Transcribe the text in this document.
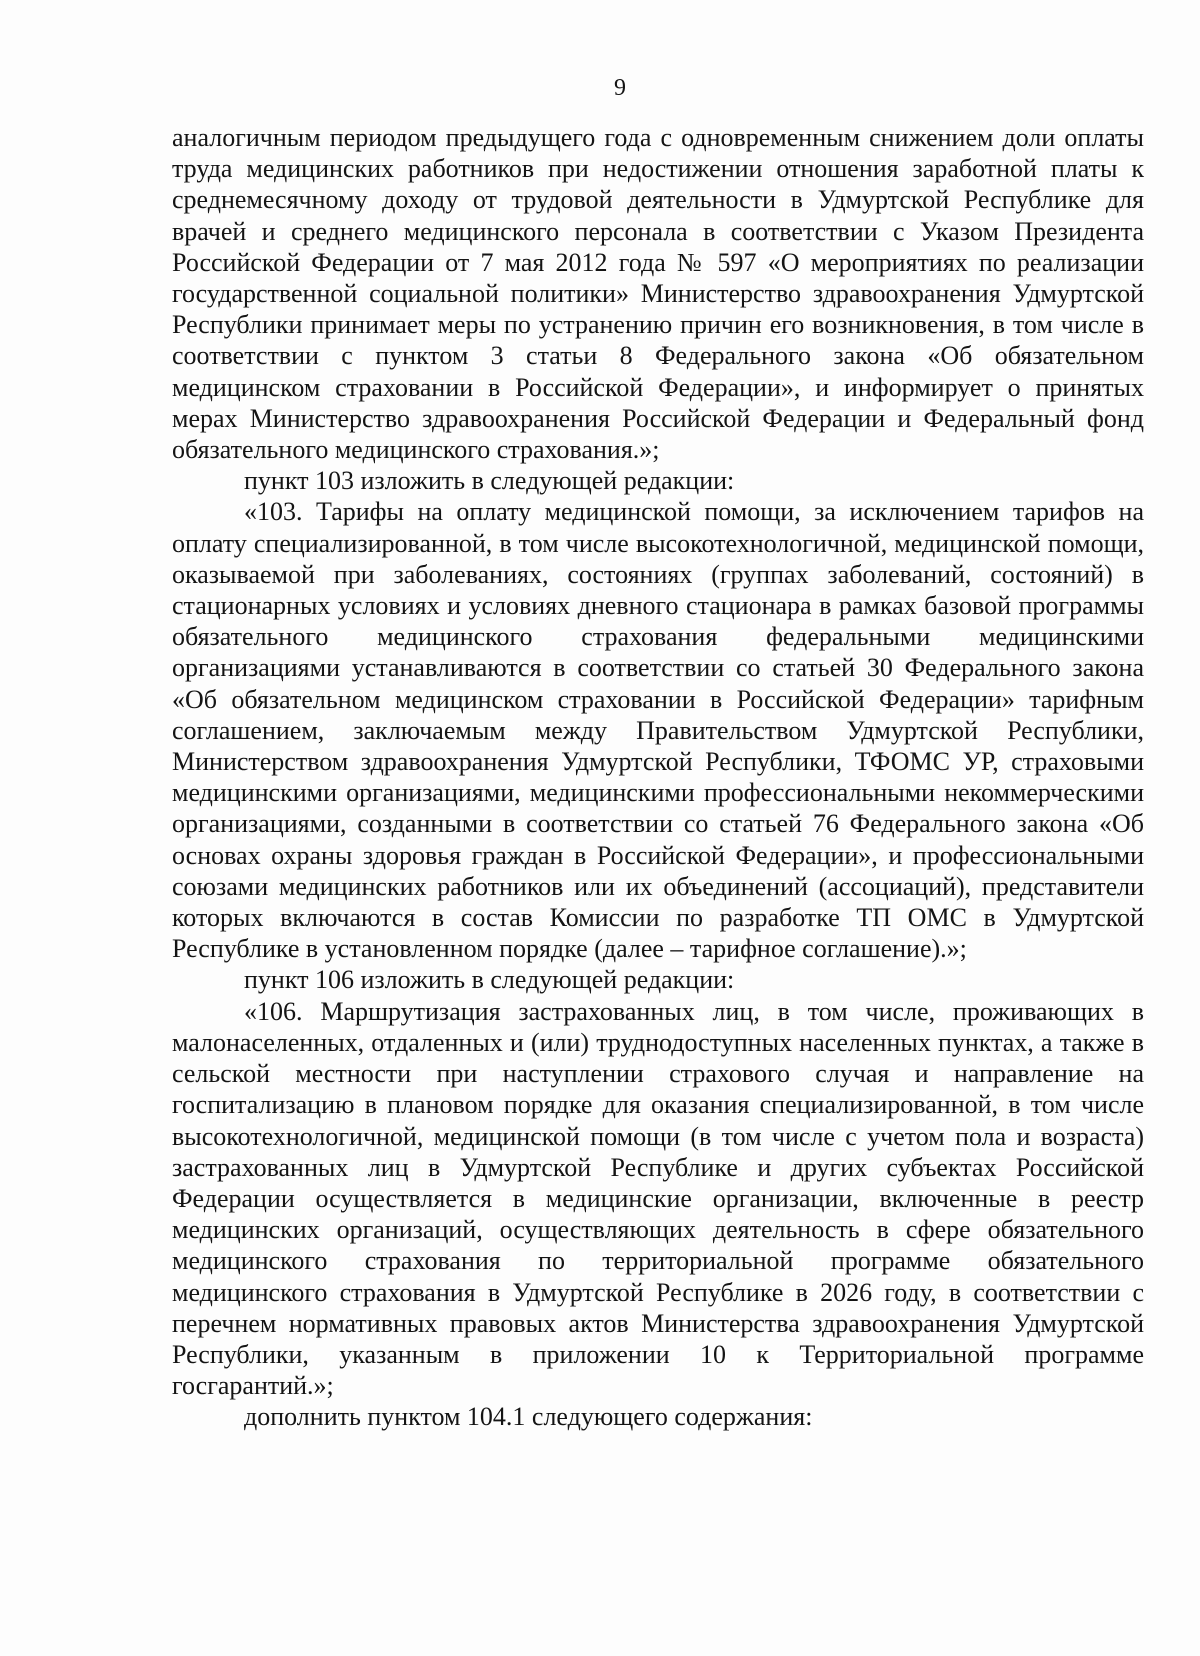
9

аналогичным периодом предыдущего года с одновременным снижением доли оплаты труда медицинских работников при недостижении отношения заработной платы к среднемесячному доходу от трудовой деятельности в Удмуртской Республике для врачей и среднего медицинского персонала в соответствии с Указом Президента Российской Федерации от 7 мая 2012 года № 597 «О мероприятиях по реализации государственной социальной политики» Министерство здравоохранения Удмуртской Республики принимает меры по устранению причин его возникновения, в том числе в соответствии с пунктом 3 статьи 8 Федерального закона «Об обязательном медицинском страховании в Российской Федерации», и информирует о принятых мерах Министерство здравоохранения Российской Федерации и Федеральный фонд обязательного медицинского страхования.»;

пункт 103 изложить в следующей редакции:

«103. Тарифы на оплату медицинской помощи, за исключением тарифов на оплату специализированной, в том числе высокотехнологичной, медицинской помощи, оказываемой при заболеваниях, состояниях (группах заболеваний, состояний) в стационарных условиях и условиях дневного стационара в рамках базовой программы обязательного медицинского страхования федеральными медицинскими организациями устанавливаются в соответствии со статьей 30 Федерального закона «Об обязательном медицинском страховании в Российской Федерации» тарифным соглашением, заключаемым между Правительством Удмуртской Республики, Министерством здравоохранения Удмуртской Республики, ТФОМС УР, страховыми медицинскими организациями, медицинскими профессиональными некоммерческими организациями, созданными в соответствии со статьей 76 Федерального закона «Об основах охраны здоровья граждан в Российской Федерации», и профессиональными союзами медицинских работников или их объединений (ассоциаций), представители которых включаются в состав Комиссии по разработке ТП ОМС в Удмуртской Республике в установленном порядке (далее – тарифное соглашение).»;

пункт 106 изложить в следующей редакции:

«106. Маршрутизация застрахованных лиц, в том числе, проживающих в малонаселенных, отдаленных и (или) труднодоступных населенных пунктах, а также в сельской местности при наступлении страхового случая и направление на госпитализацию в плановом порядке для оказания специализированной, в том числе высокотехнологичной, медицинской помощи (в том числе с учетом пола и возраста) застрахованных лиц в Удмуртской Республике и других субъектах Российской Федерации осуществляется в медицинские организации, включенные в реестр медицинских организаций, осуществляющих деятельность в сфере обязательного медицинского страхования по территориальной программе обязательного медицинского страхования в Удмуртской Республике в 2026 году, в соответствии с перечнем нормативных правовых актов Министерства здравоохранения Удмуртской Республики, указанным в приложении 10 к Территориальной программе госгарантий.»;

дополнить пунктом 104.1 следующего содержания:
